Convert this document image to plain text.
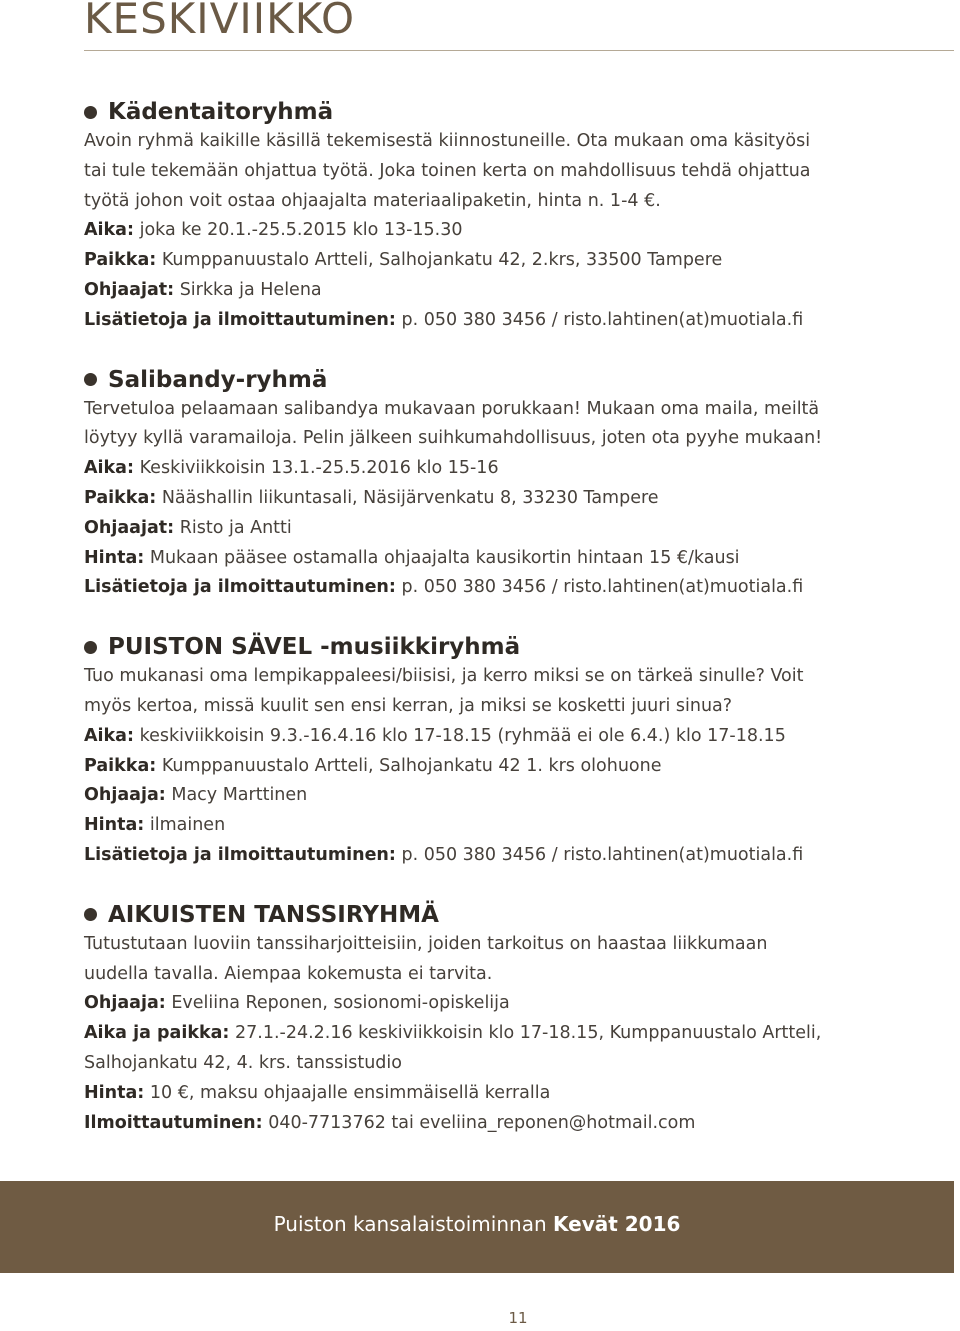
KESKIVIIKKO
Kädentaitoryhmä

Avoin ryhmä kaikille käsillä tekemisestä kiinnostuneille. Ota mukaan oma käsityösi

tai tule tekemään ohjattua työtä. Joka toinen kerta on mahdollisuus tehdä ohjattua

työtä johon voit ostaa ohjaajalta materiaalipaketin, hinta n. 1-4 €.

Aika: joka ke 20.1.-25.5.2015 klo 13-15.30

Paikka: Kumppanuustalo Artteli, Salhojankatu 42, 2.krs, 33500 Tampere

Ohjaajat: Sirkka ja Helena

Lisätietoja ja ilmoittautuminen: p. 050 380 3456 / risto.lahtinen(at)muotiala.fi

Salibandy-ryhmä

Tervetuloa pelaamaan salibandya mukavaan porukkaan! Mukaan oma maila, meiltä

löytyy kyllä varamailoja. Pelin jälkeen suihkumahdollisuus, joten ota pyyhe mukaan!

Aika: Keskiviikkoisin 13.1.-25.5.2016 klo 15-16

Paikka: Nääshallin liikuntasali, Näsijärvenkatu 8, 33230 Tampere

Ohjaajat: Risto ja Antti

Hinta: Mukaan pääsee ostamalla ohjaajalta kausikortin hintaan 15 €/kausi

Lisätietoja ja ilmoittautuminen: p. 050 380 3456 / risto.lahtinen(at)muotiala.fi

PUISTON SÄVEL -musiikkiryhmä

Tuo mukanasi oma lempikappaleesi/biisisi, ja kerro miksi se on tärkeä sinulle? Voit

myös kertoa, missä kuulit sen ensi kerran, ja miksi se kosketti juuri sinua?

Aika: keskiviikkoisin 9.3.-16.4.16 klo 17-18.15 (ryhmää ei ole 6.4.) klo 17-18.15

Paikka: Kumppanuustalo Artteli, Salhojankatu 42 1. krs olohuone

Ohjaaja: Macy Marttinen

Hinta: ilmainen

Lisätietoja ja ilmoittautuminen: p. 050 380 3456 / risto.lahtinen(at)muotiala.fi

AIKUISTEN TANSSIRYHMÄ

Tutustutaan luoviin tanssiharjoitteisiin, joiden tarkoitus on haastaa liikkumaan

uudella tavalla. Aiempaa kokemusta ei tarvita.

Ohjaaja: Eveliina Reponen, sosionomi-opiskelija

Aika ja paikka: 27.1.-24.2.16 keskiviikkoisin klo 17-18.15, Kumppanuustalo Artteli,

Salhojankatu 42, 4. krs. tanssistudio

Hinta: 10 €, maksu ohjaajalle ensimmäisellä kerralla

Ilmoittautuminen: 040-7713762 tai eveliina_reponen@hotmail.com

Puiston kansalaistoiminnan Kevät 2016
11
